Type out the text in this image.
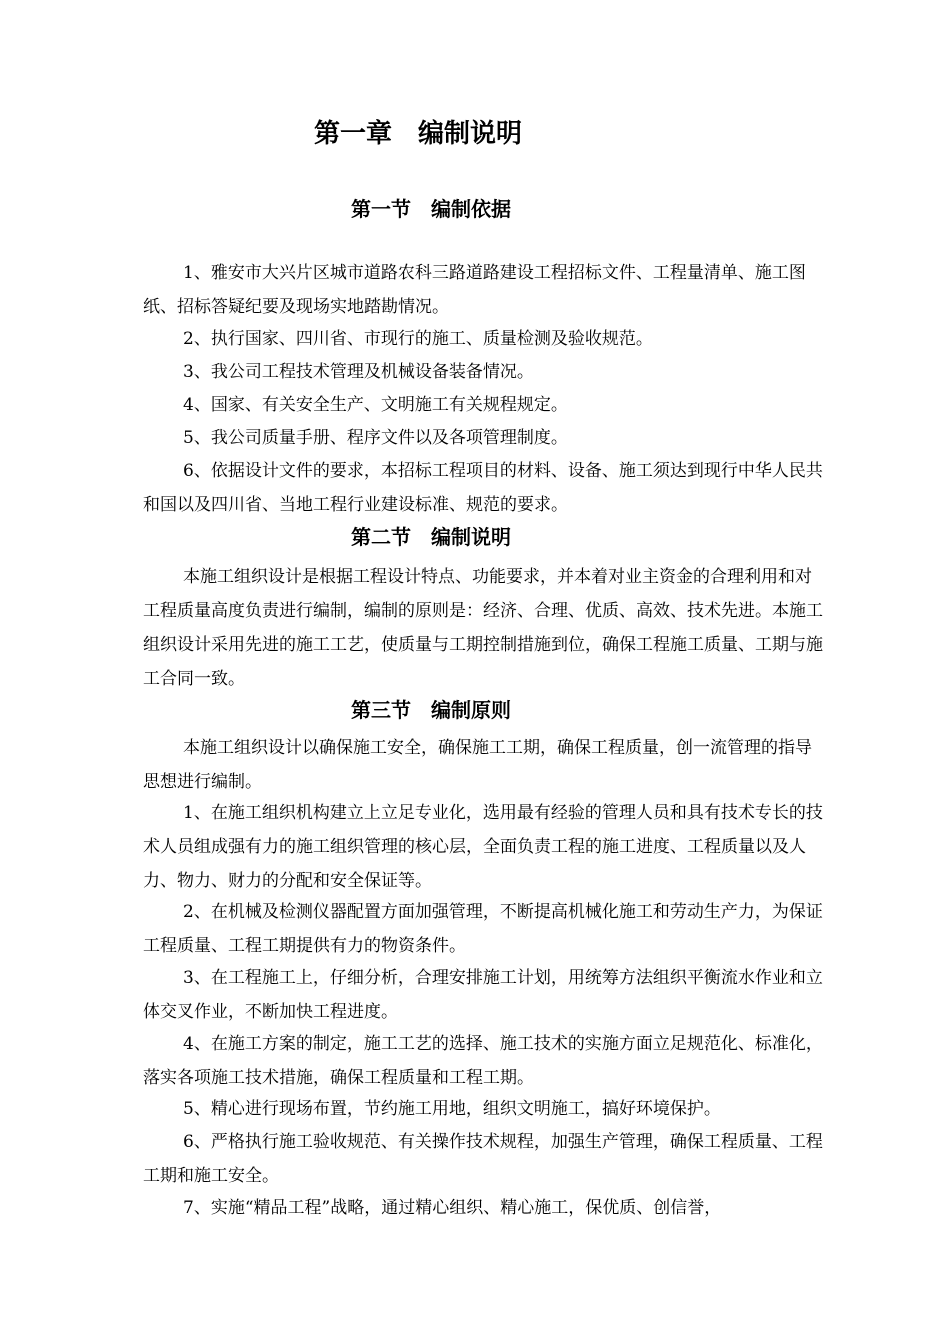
第一章　编制说明
第一节　编制依据

1、雅安市大兴片区城市道路农科三路道路建设工程招标文件、工程量清单、施工图纸、招标答疑纪要及现场实地踏勘情况。

2、执行国家、四川省、市现行的施工、质量检测及验收规范。

3、我公司工程技术管理及机械设备装备情况。

4、国家、有关安全生产、文明施工有关规程规定。

5、我公司质量手册、程序文件以及各项管理制度。

6、依据设计文件的要求，本招标工程项目的材料、设备、施工须达到现行中华人民共和国以及四川省、当地工程行业建设标准、规范的要求。

第二节　编制说明

本施工组织设计是根据工程设计特点、功能要求，并本着对业主资金的合理利用和对工程质量高度负责进行编制，编制的原则是：经济、合理、优质、高效、技术先进。本施工组织设计采用先进的施工工艺，使质量与工期控制措施到位，确保工程施工质量、工期与施工合同一致。

第三节　编制原则

本施工组织设计以确保施工安全，确保施工工期，确保工程质量，创一流管理的指导思想进行编制。

1、在施工组织机构建立上立足专业化，选用最有经验的管理人员和具有技术专长的技术人员组成强有力的施工组织管理的核心层，全面负责工程的施工进度、工程质量以及人力、物力、财力的分配和安全保证等。

2、在机械及检测仪器配置方面加强管理，不断提高机械化施工和劳动生产力，为保证工程质量、工程工期提供有力的物资条件。

3、在工程施工上，仔细分析，合理安排施工计划，用统筹方法组织平衡流水作业和立体交叉作业，不断加快工程进度。

4、在施工方案的制定，施工工艺的选择、施工技术的实施方面立足规范化、标准化，落实各项施工技术措施，确保工程质量和工程工期。

5、精心进行现场布置，节约施工用地，组织文明施工，搞好环境保护。

6、严格执行施工验收规范、有关操作技术规程，加强生产管理，确保工程质量、工程工期和施工安全。

7、实施“精品工程”战略，通过精心组织、精心施工，保优质、创信誉，
